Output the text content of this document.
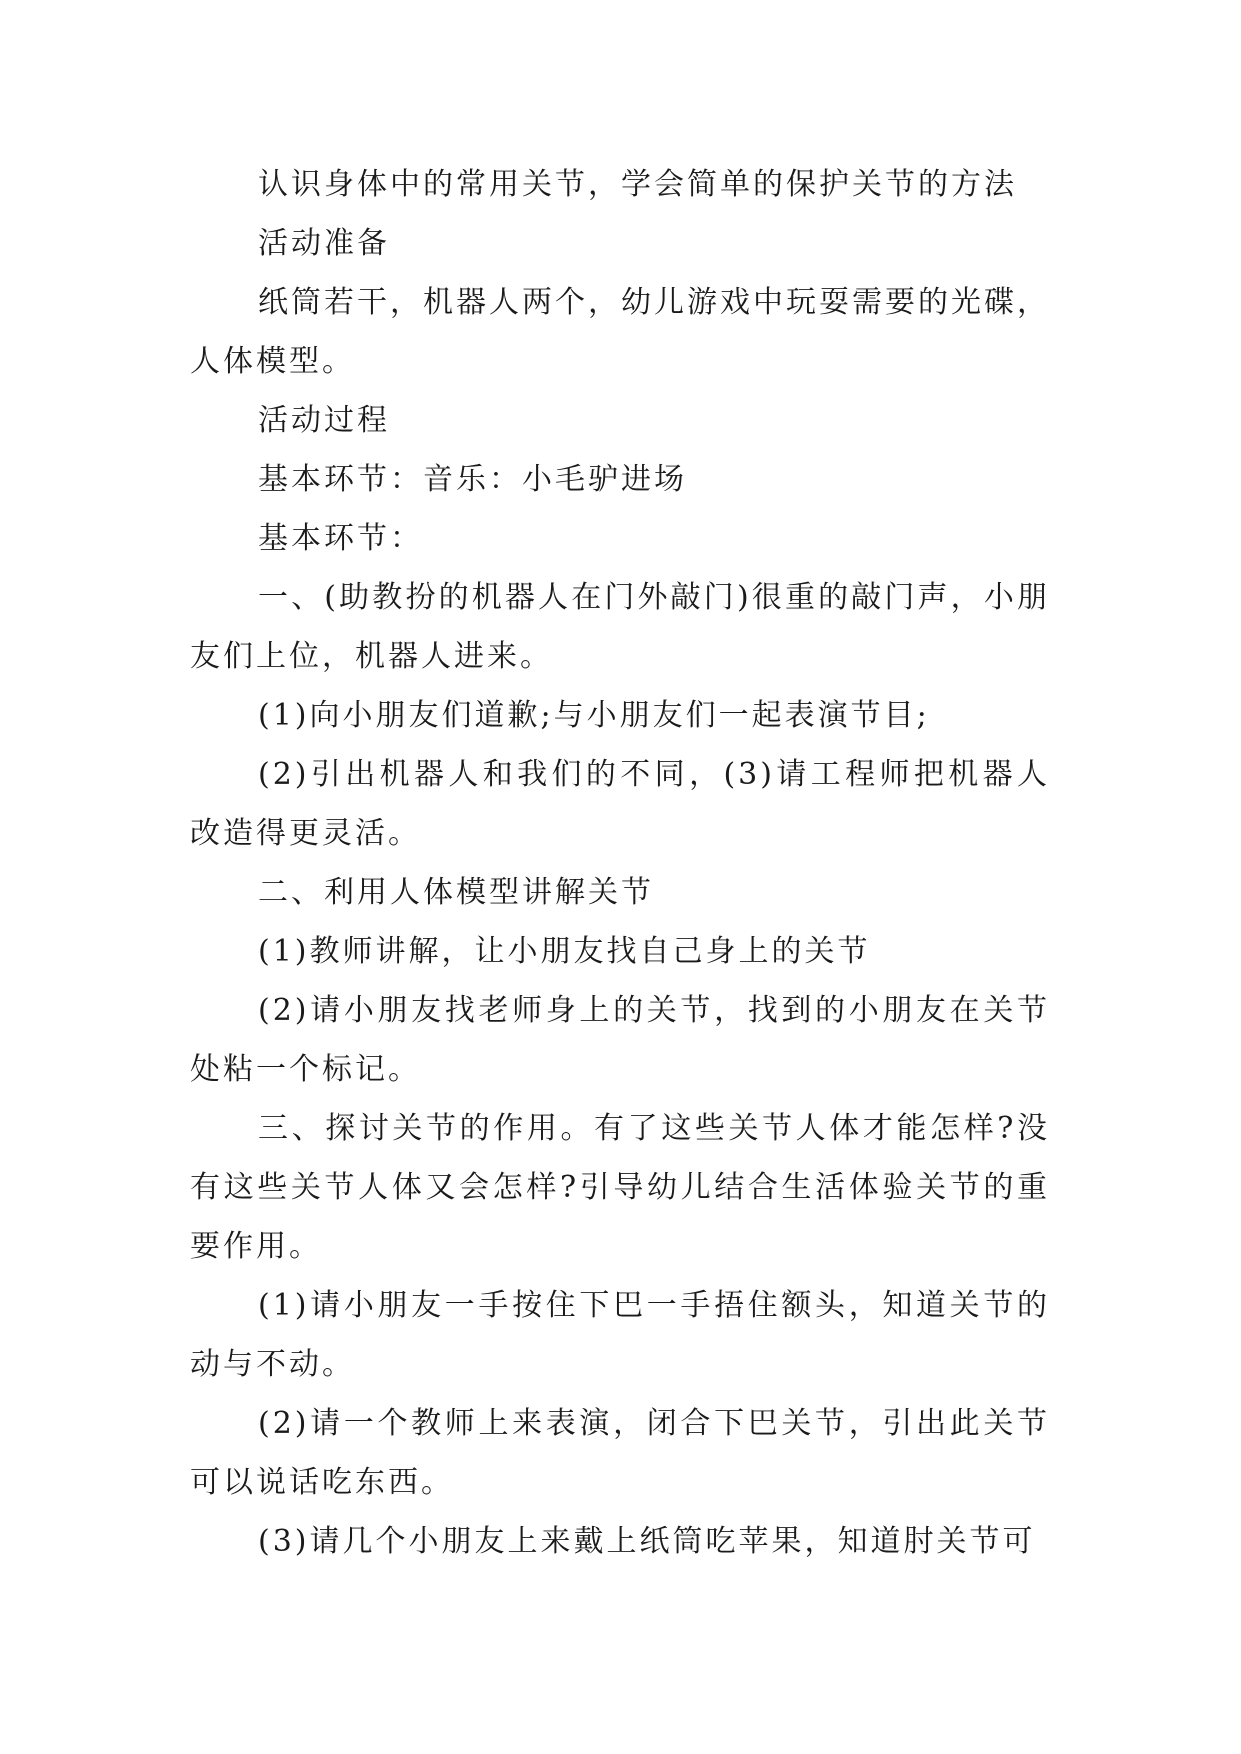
认识身体中的常用关节，学会简单的保护关节的方法

活动准备

纸筒若干，机器人两个，幼儿游戏中玩耍需要的光碟，人体模型。

活动过程

基本环节：音乐：小毛驴进场

基本环节：

一、(助教扮的机器人在门外敲门)很重的敲门声，小朋友们上位，机器人进来。

(1)向小朋友们道歉;与小朋友们一起表演节目;

(2)引出机器人和我们的不同，(3)请工程师把机器人改造得更灵活。

二、利用人体模型讲解关节

(1)教师讲解，让小朋友找自己身上的关节

(2)请小朋友找老师身上的关节，找到的小朋友在关节处粘一个标记。

三、探讨关节的作用。有了这些关节人体才能怎样?没有这些关节人体又会怎样?引导幼儿结合生活体验关节的重要作用。

(1)请小朋友一手按住下巴一手捂住额头，知道关节的动与不动。

(2)请一个教师上来表演，闭合下巴关节，引出此关节可以说话吃东西。

(3)请几个小朋友上来戴上纸筒吃苹果，知道肘关节可
